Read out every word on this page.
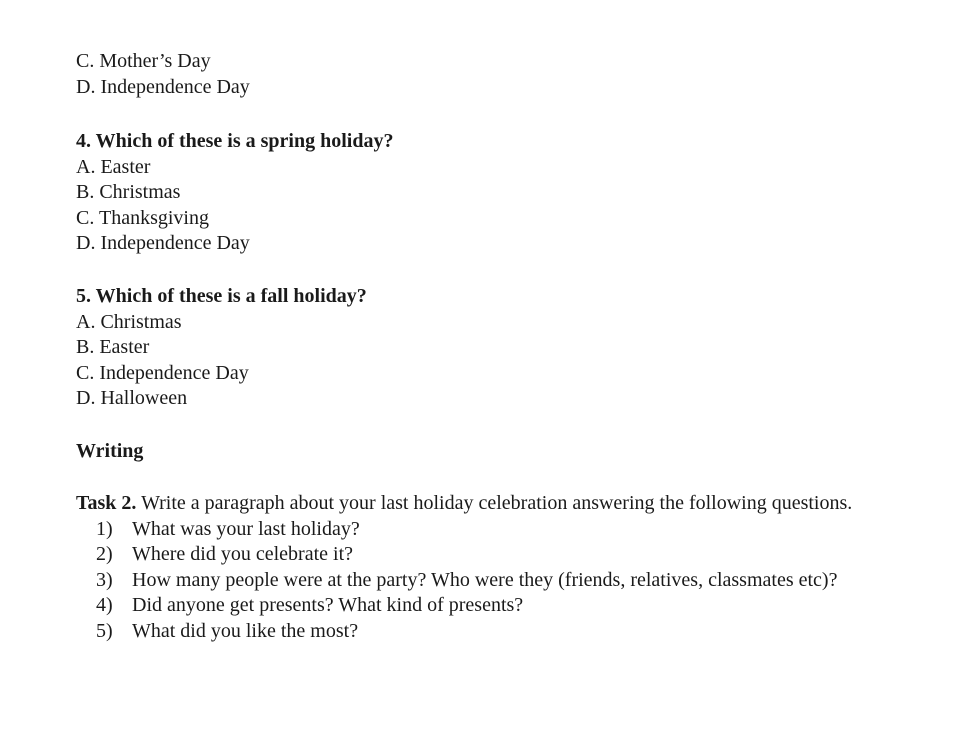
C. Mother’s Day
D. Independence Day
4. Which of these is a spring holiday?
A. Easter
B. Christmas
C. Thanksgiving
D. Independence Day
5. Which of these is a fall holiday?
A. Christmas
B. Easter
C. Independence Day
D. Halloween
Writing
Task 2. Write a paragraph about your last holiday celebration answering the following questions.
1) What was your last holiday?
2) Where did you celebrate it?
3) How many people were at the party? Who were they (friends, relatives, classmates etc)?
4) Did anyone get presents? What kind of presents?
5) What did you like the most?
